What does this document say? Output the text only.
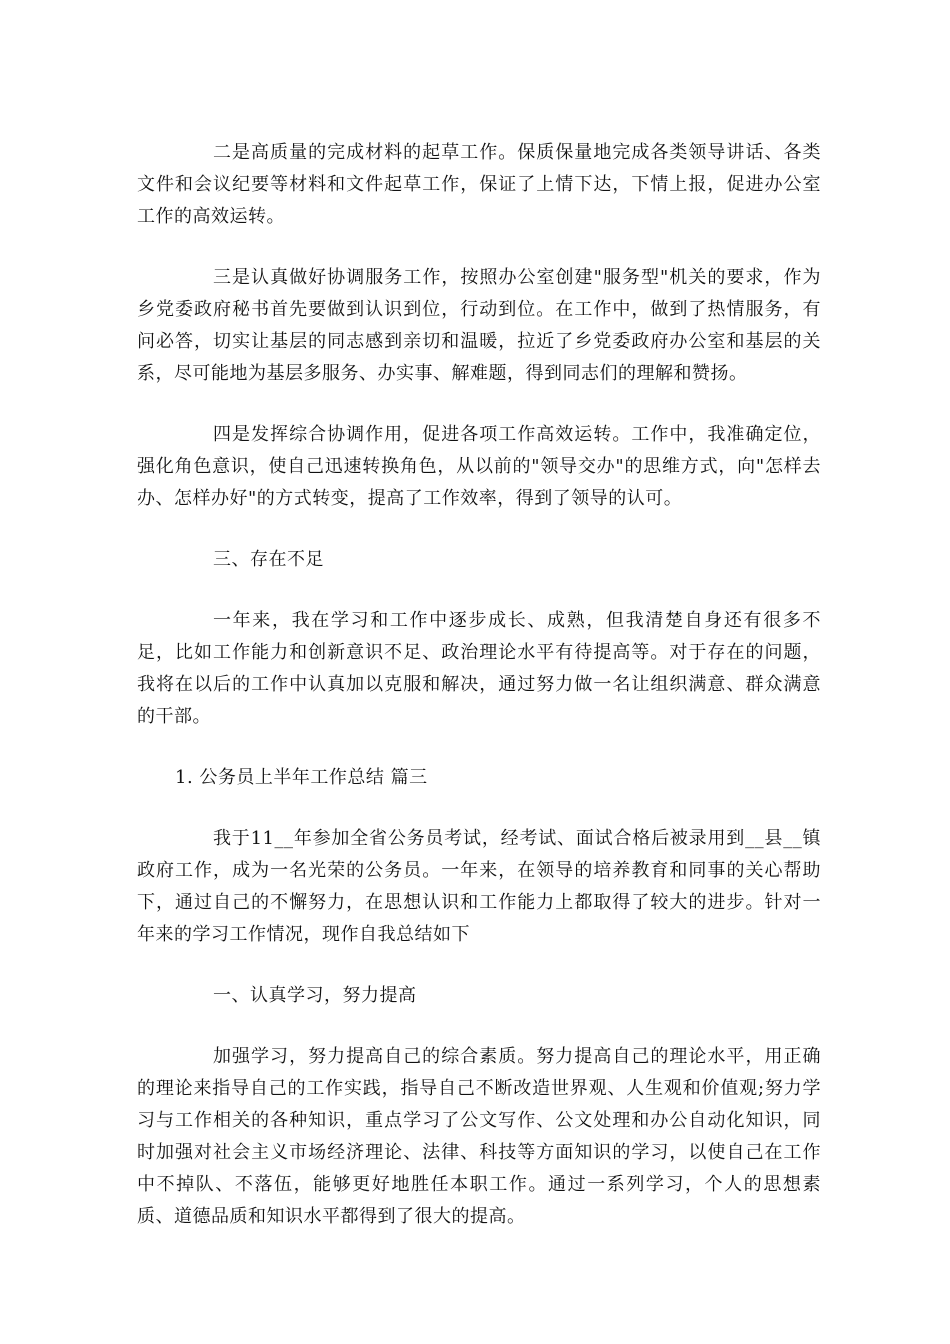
二是高质量的完成材料的起草工作。保质保量地完成各类领导讲话、各类文件和会议纪要等材料和文件起草工作，保证了上情下达，下情上报，促进办公室工作的高效运转。

三是认真做好协调服务工作，按照办公室创建"服务型"机关的要求，作为乡党委政府秘书首先要做到认识到位，行动到位。在工作中，做到了热情服务，有问必答，切实让基层的同志感到亲切和温暖，拉近了乡党委政府办公室和基层的关系，尽可能地为基层多服务、办实事、解难题，得到同志们的理解和赞扬。

四是发挥综合协调作用，促进各项工作高效运转。工作中，我准确定位，强化角色意识，使自己迅速转换角色，从以前的"领导交办"的思维方式，向"怎样去办、怎样办好"的方式转变，提高了工作效率，得到了领导的认可。

三、存在不足

一年来，我在学习和工作中逐步成长、成熟，但我清楚自身还有很多不足，比如工作能力和创新意识不足、政治理论水平有待提高等。对于存在的问题，我将在以后的工作中认真加以克服和解决，通过努力做一名让组织满意、群众满意的干部。

1. 公务员上半年工作总结 篇三

我于11__年参加全省公务员考试，经考试、面试合格后被录用到__县__镇政府工作，成为一名光荣的公务员。一年来，在领导的培养教育和同事的关心帮助下，通过自己的不懈努力，在思想认识和工作能力上都取得了较大的进步。针对一年来的学习工作情况，现作自我总结如下

一、认真学习，努力提高

加强学习，努力提高自己的综合素质。努力提高自己的理论水平，用正确的理论来指导自己的工作实践，指导自己不断改造世界观、人生观和价值观;努力学习与工作相关的各种知识，重点学习了公文写作、公文处理和办公自动化知识，同时加强对社会主义市场经济理论、法律、科技等方面知识的学习，以使自己在工作中不掉队、不落伍，能够更好地胜任本职工作。通过一系列学习，个人的思想素质、道德品质和知识水平都得到了很大的提高。
